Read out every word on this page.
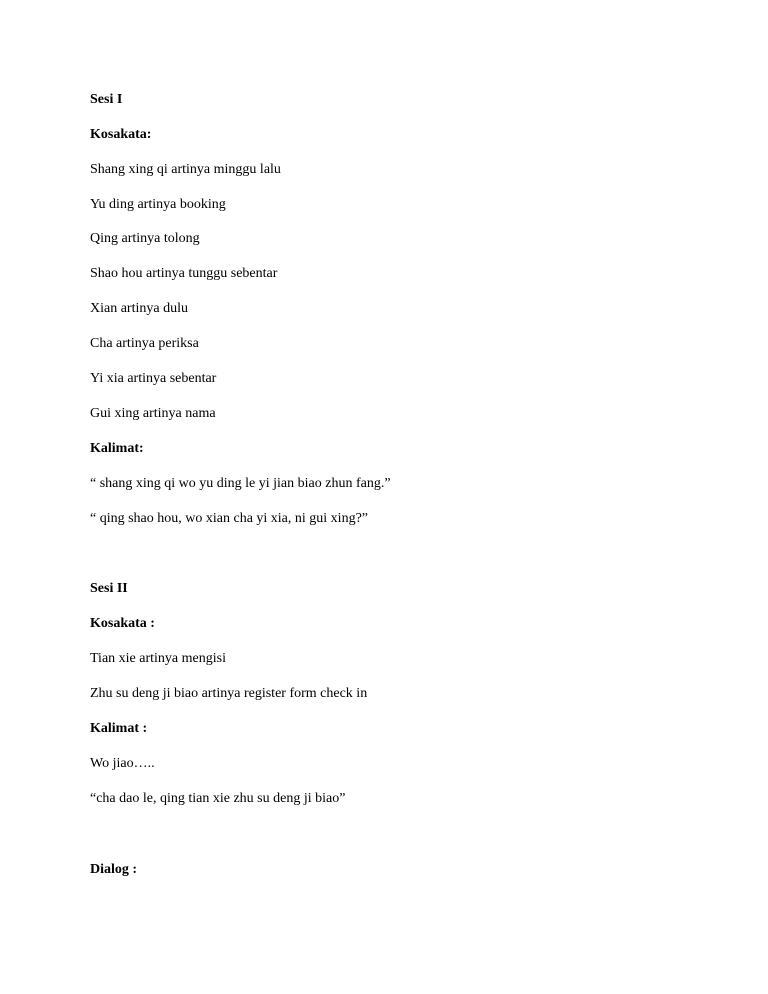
Sesi I
Kosakata:
Shang xing qi artinya minggu lalu
Yu ding artinya booking
Qing artinya tolong
Shao hou artinya tunggu sebentar
Xian artinya dulu
Cha artinya periksa
Yi xia artinya sebentar
Gui xing artinya nama
Kalimat:
“ shang xing qi wo yu ding le yi jian biao zhun fang.”
“ qing shao hou, wo xian cha yi xia, ni gui xing?”
Sesi II
Kosakata :
Tian xie artinya mengisi
Zhu su deng ji biao artinya register form check in
Kalimat :
Wo jiao…..
“cha dao le, qing tian xie zhu su deng ji biao”
Dialog :
